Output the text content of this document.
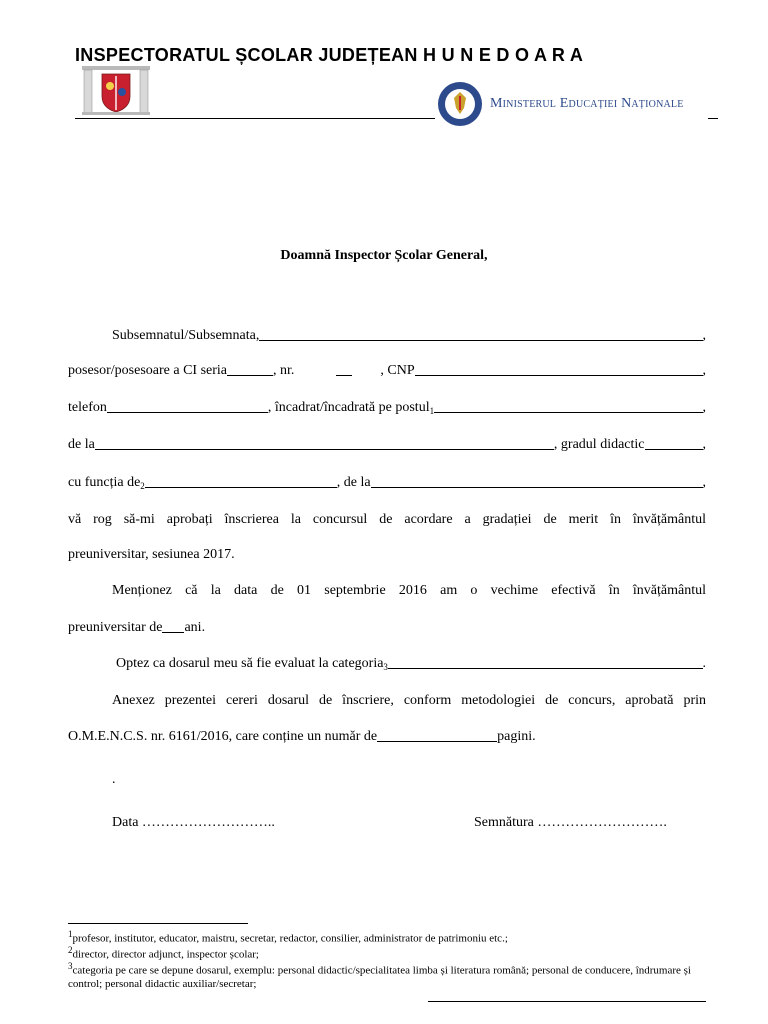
INSPECTORATUL ȘCOLAR JUDEȚEAN H U N E D O A R A
Ministerul Educației Naționale
Doamnă Inspector Școlar General,
Subsemnatul/Subsemnata,	,
posesor/posesoare a CI seria	, nr.	, CNP	,
telefon	, încadrat/încadrată pe postul$_1$	,
de la	, gradul didactic	,
cu funcția $de_2$	, de la	,
vă rog să-mi aprobați înscrierea la concursul de acordare a gradației de merit în învățământul
preuniversitar, sesiunea 2017.
Menționez că la data de 01 septembrie 2016 am o vechime efectivă în învățământul
preuniversitar de ani.
Optez ca dosarul meu să fie evaluat la categoria$_3$	.
Anexez prezentei cereri dosarul de înscriere, conform metodologiei de concurs, aprobată prin
O.M.E.N.C.S. nr. 6161/2016, care conține un număr de	pagini.
.
Data ………………………..	Semnătura ……………………….
$^1$profesor, institutor, educator, maistru, secretar, redactor, consilier, administrator de patrimoniu etc.;
$^2$director, director adjunct, inspector școlar;
$^3$categoria pe care se depune dosarul, exemplu: personal didactic/specialitatea limba și literatura română; personal de conducere, îndrumare și control; personal didactic auxiliar/secretar;
